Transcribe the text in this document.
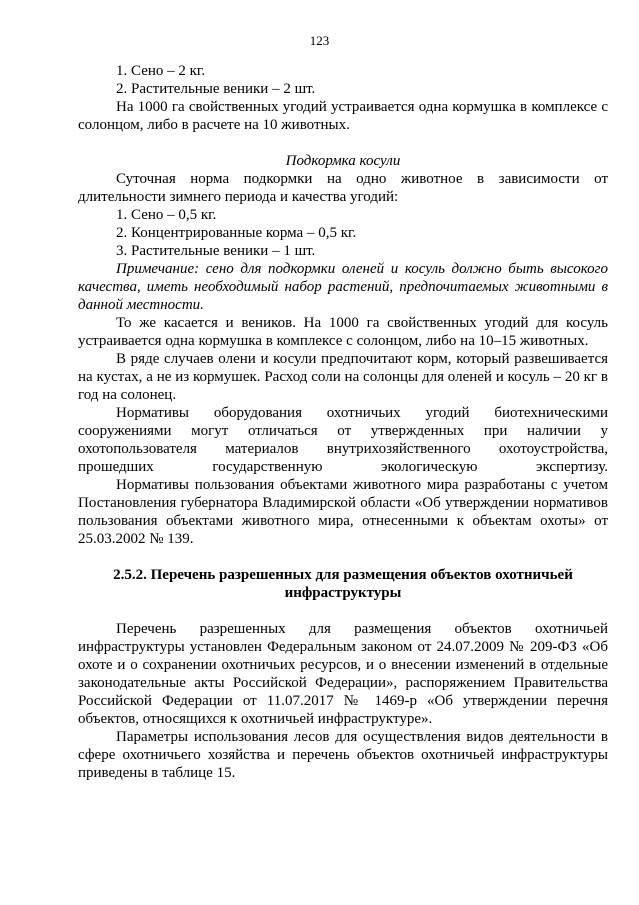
123

1. Сено – 2 кг.

2. Растительные веники – 2 шт.

На 1000 га свойственных угодий устраивается одна кормушка в комплексе с солонцом, либо в расчете на 10 животных.

Подкормка косули

Суточная норма подкормки на одно животное в зависимости от длительности зимнего периода и качества угодий:

1. Сено – 0,5 кг.

2. Концентрированные корма – 0,5 кг.

3. Растительные веники – 1 шт.

Примечание: сено для подкормки оленей и косуль должно быть высокого качества, иметь необходимый набор растений, предпочитаемых животными в данной местности.

То же касается и веников. На 1000 га свойственных угодий для косуль устраивается одна кормушка в комплексе с солонцом, либо на 10–15 животных.

В ряде случаев олени и косули предпочитают корм, который развешивается на кустах, а не из кормушек. Расход соли на солонцы для оленей и косуль – 20 кг в год на солонец.

Нормативы оборудования охотничьих угодий биотехническими сооружениями могут отличаться от утвержденных при наличии у охотопользователя материалов внутрихозяйственного охотоустройства, прошедших государственную экологическую экспертизу.

Нормативы пользования объектами животного мира разработаны с учетом Постановления губернатора Владимирской области «Об утверждении нормативов пользования объектами животного мира, отнесенными к объектам охоты» от 25.03.2002 № 139.

2.5.2. Перечень разрешенных для размещения объектов охотничьей инфраструктуры

Перечень разрешенных для размещения объектов охотничьей инфраструктуры установлен Федеральным законом от 24.07.2009 № 209-ФЗ «Об охоте и о сохранении охотничьих ресурсов, и о внесении изменений в отдельные законодательные акты Российской Федерации», распоряжением Правительства Российской Федерации от 11.07.2017 № 1469-р «Об утверждении перечня объектов, относящихся к охотничьей инфраструктуре».

Параметры использования лесов для осуществления видов деятельности в сфере охотничьего хозяйства и перечень объектов охотничьей инфраструктуры приведены в таблице 15.
